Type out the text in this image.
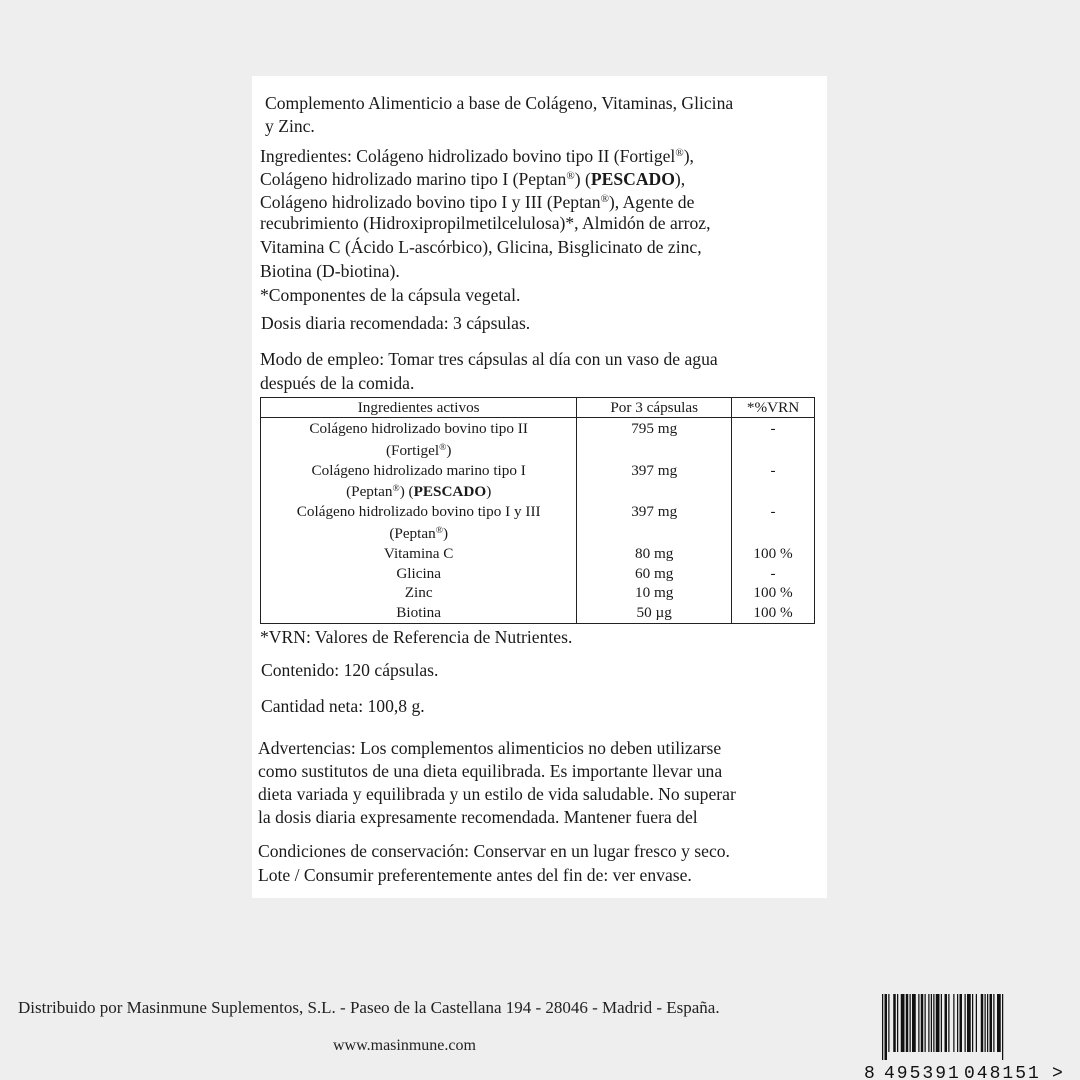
Complemento Alimenticio a base de Colágeno, Vitaminas, Glicina
y Zinc.
Ingredientes: Colágeno hidrolizado bovino tipo II (Fortigel®),
Colágeno hidrolizado marino tipo I (Peptan®) (PESCADO),
Colágeno hidrolizado bovino tipo I y III (Peptan®), Agente de
recubrimiento (Hidroxipropilmetilcelulosa)*, Almidón de arroz,
Vitamina C (Ácido L-ascórbico), Glicina, Bisglicinato de zinc,
Biotina (D-biotina).
*Componentes de la cápsula vegetal.
Dosis diaria recomendada: 3 cápsulas.
Modo de empleo: Tomar tres cápsulas al día con un vaso de agua
después de la comida.
Ingredientes activos	Por 3 cápsulas	*%VRN

Colágeno hidrolizado bovino tipo II
(Fortigel®)	795 mg	-

Colágeno hidrolizado marino tipo I
(Peptan®) (PESCADO)	397 mg	-

Colágeno hidrolizado bovino tipo I y III
(Peptan®)	397 mg	-
Vitamina C	80 mg	100 %
Glicina	60 mg	-
Zinc	10 mg	100 %
Biotina	50 µg	100 %
*VRN: Valores de Referencia de Nutrientes.
Contenido: 120 cápsulas.
Cantidad neta: 100,8 g.
Advertencias: Los complementos alimenticios no deben utilizarse
como sustitutos de una dieta equilibrada. Es importante llevar una
dieta variada y equilibrada y un estilo de vida saludable. No superar
la dosis diaria expresamente recomendada. Mantener fuera del
Condiciones de conservación: Conservar en un lugar fresco y seco.
Lote / Consumir preferentemente antes del fin de: ver envase.
Distribuido por Masinmune Suplementos, S.L. - Paseo de la Castellana 194 - 28046 - Madrid - España.
www.masinmune.com
8 495391 048151 >
